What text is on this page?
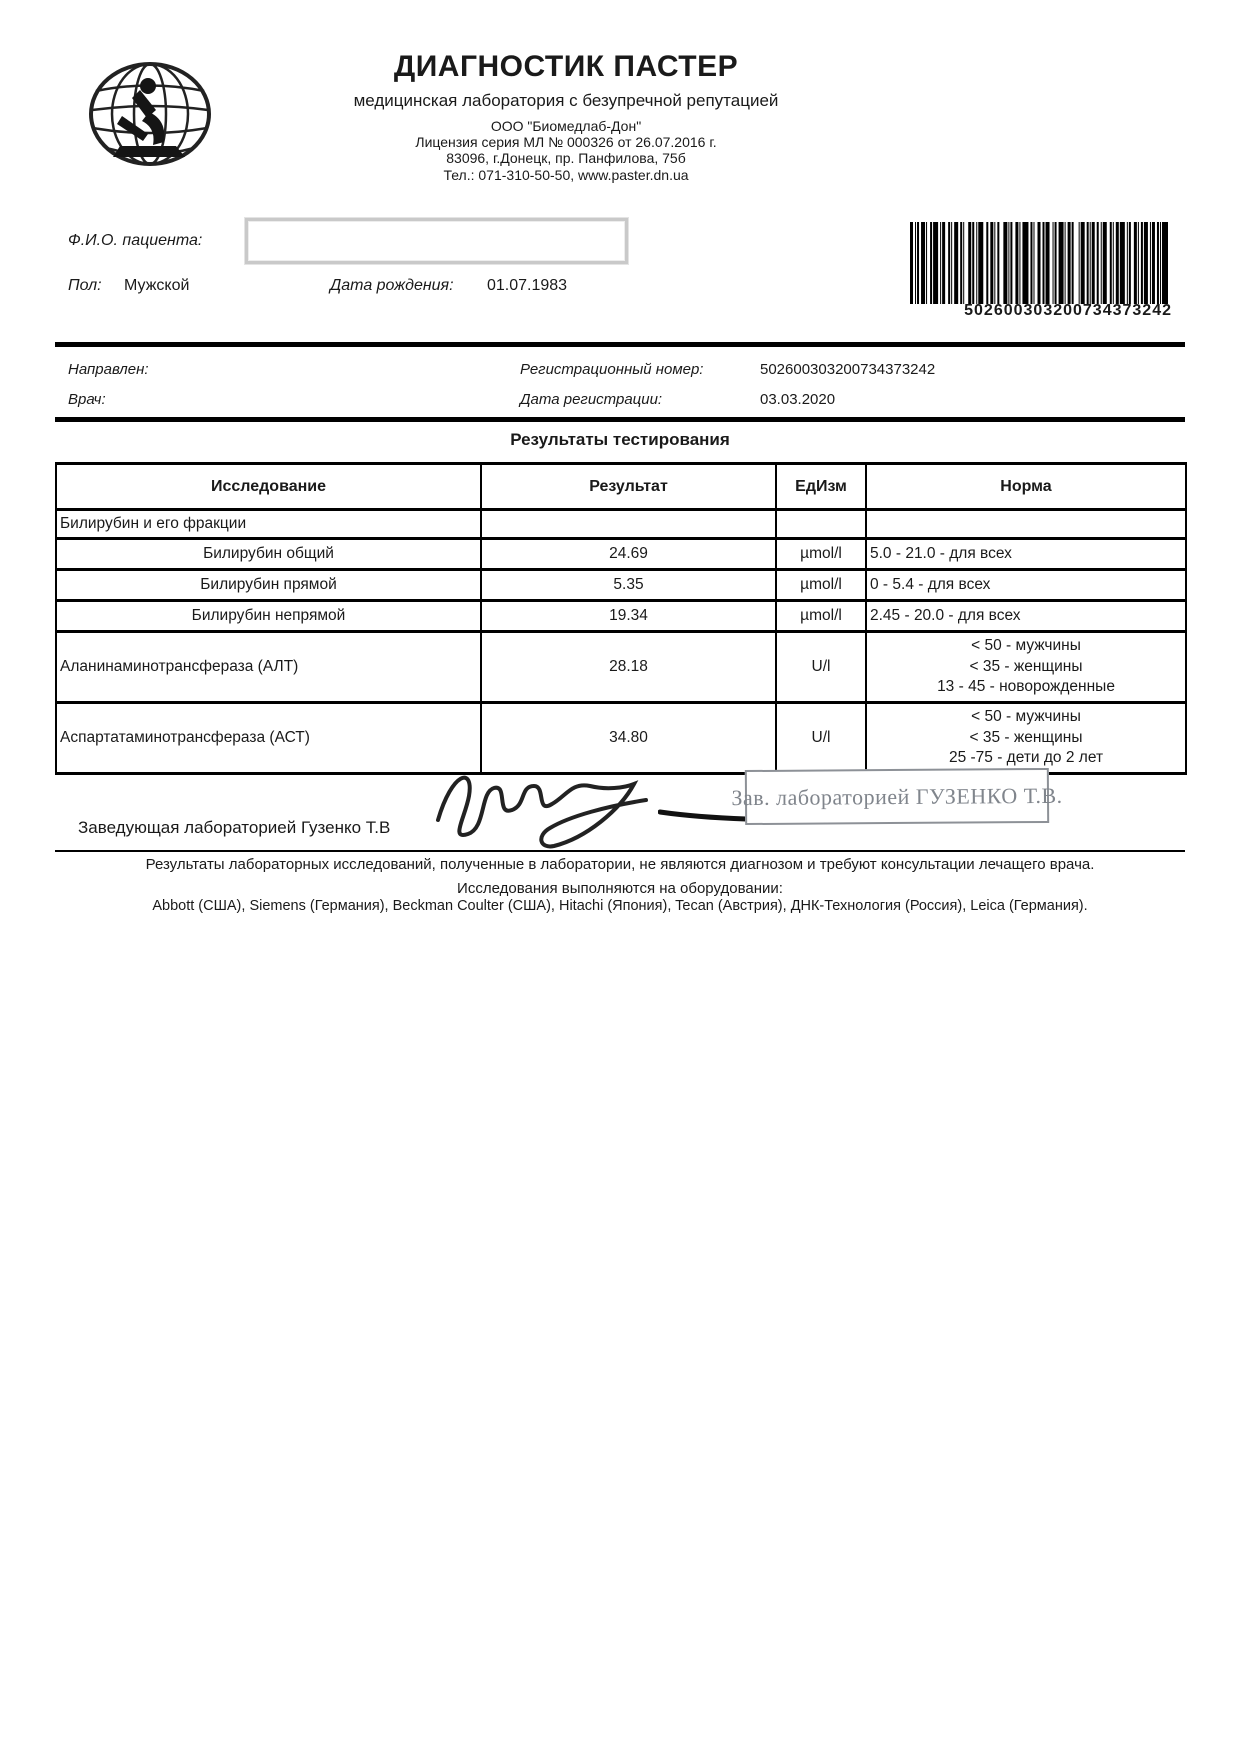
ДИАГНОСТИК ПАСТЕР
медицинская лаборатория с безупречной репутацией
ООО "Биомедлаб-Дон"
Лицензия серия МЛ № 000326 от 26.07.2016 г.
83096, г.Донецк, пр. Панфилова, 75б
Тел.: 071-310-50-50, www.paster.dn.ua
Ф.И.О. пациента:
Пол: Мужской	Дата рождения: 01.07.1983
502600303200734373242
Направлен:
Врач:
Регистрационный номер:	502600303200734373242
Дата регистрации:	03.03.2020
Результаты тестирования
Исследование	Результат	ЕдИзм	Норма
Билирубин и его фракции			
Билирубин общий	24.69	µmol/l	5.0 - 21.0 - для всех
Билирубин прямой	5.35	µmol/l	0 - 5.4 - для всех
Билирубин непрямой	19.34	µmol/l	2.45 - 20.0 - для всех
Аланинаминотрансфераза (АЛТ)	28.18	U/l	< 50 - мужчины
< 35 - женщины
13 - 45 - новорожденные

Аспартатаминотрансфераза (АСТ)	34.80	U/l	< 50 - мужчины
< 35 - женщины
25 -75 - дети до 2 лет
Заведующая лабораторией Гузенко Т.В
Зав. лабораторией ГУЗЕНКО Т.В.
Результаты лабораторных исследований, полученные в лаборатории, не являются диагнозом и требуют консультации лечащего врача.
Исследования выполняются на оборудовании:
Abbott (США), Siemens (Германия), Beckman Coulter (США), Hitachi (Япония), Tecan (Австрия), ДНК-Технология (Россия), Leica (Германия).
